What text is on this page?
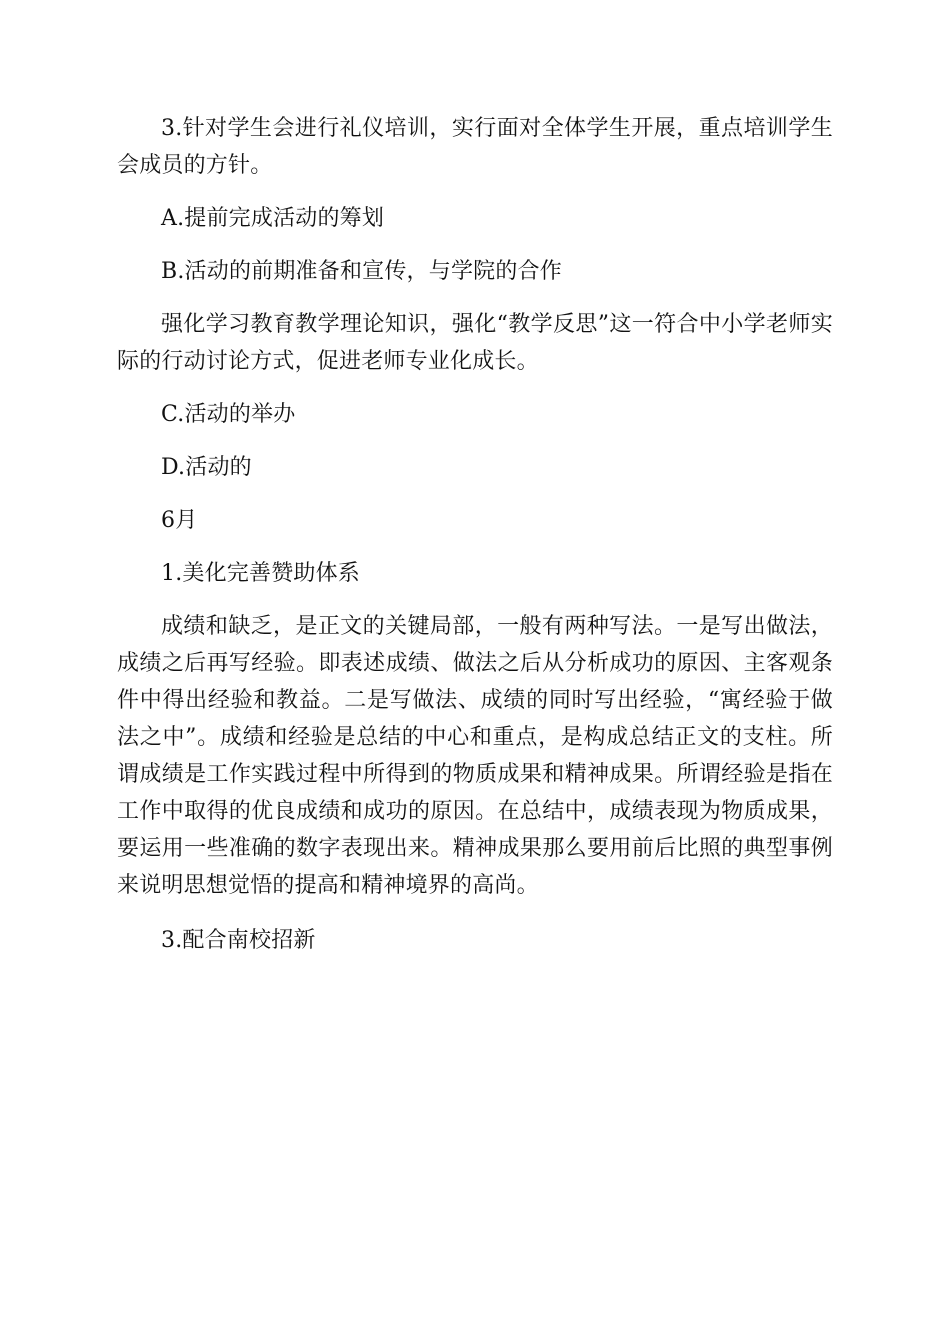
3.针对学生会进行礼仪培训，实行面对全体学生开展，重点培训学生会成员的方针。

A.提前完成活动的筹划

B.活动的前期准备和宣传，与学院的合作

强化学习教育教学理论知识，强化“教学反思”这一符合中小学老师实际的行动讨论方式，促进老师专业化成长。

C.活动的举办

D.活动的

6月

1.美化完善赞助体系

成绩和缺乏，是正文的关键局部，一般有两种写法。一是写出做法，成绩之后再写经验。即表述成绩、做法之后从分析成功的原因、主客观条件中得出经验和教益。二是写做法、成绩的同时写出经验，“寓经验于做法之中”。成绩和经验是总结的中心和重点，是构成总结正文的支柱。所谓成绩是工作实践过程中所得到的物质成果和精神成果。所谓经验是指在工作中取得的优良成绩和成功的原因。在总结中，成绩表现为物质成果，要运用一些准确的数字表现出来。精神成果那么要用前后比照的典型事例来说明思想觉悟的提高和精神境界的高尚。

3.配合南校招新
